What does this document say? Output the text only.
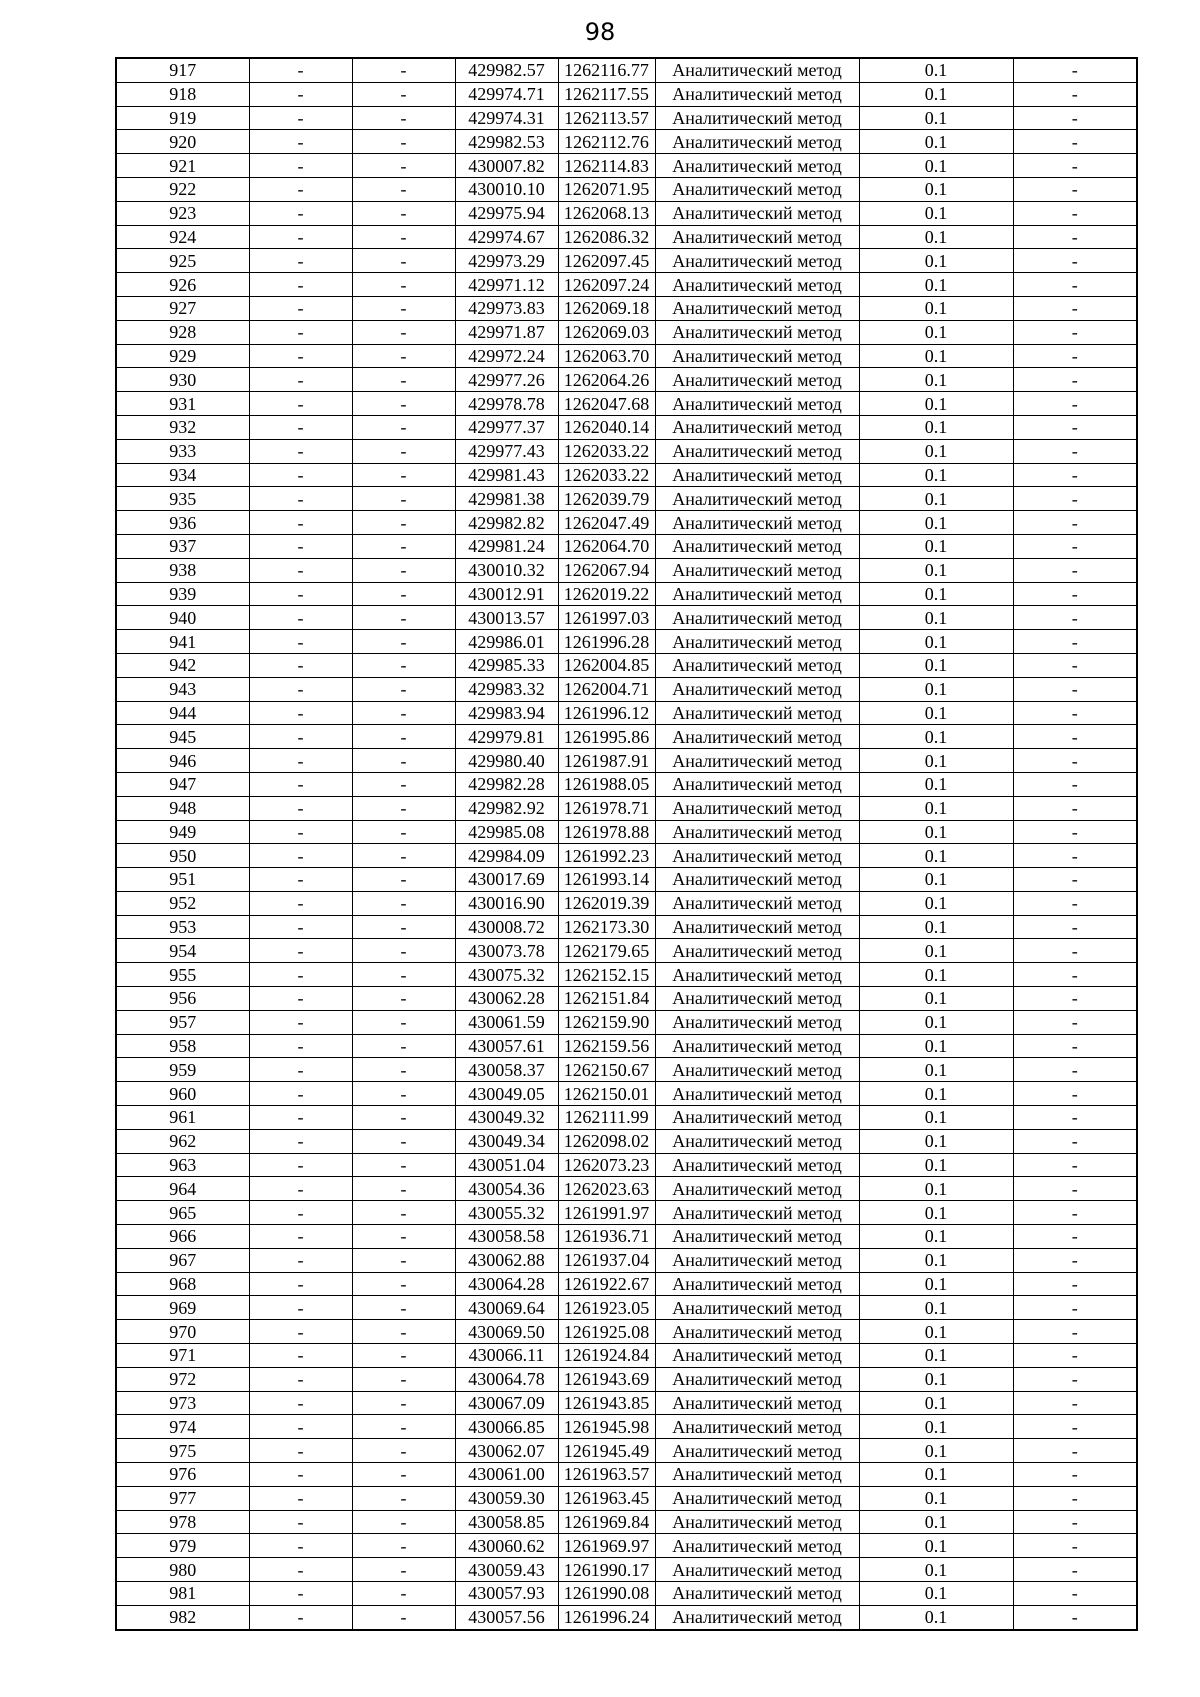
98
917	-	-	429982.57	1262116.77	Аналитический метод	0.1	-
918	-	-	429974.71	1262117.55	Аналитический метод	0.1	-
919	-	-	429974.31	1262113.57	Аналитический метод	0.1	-
920	-	-	429982.53	1262112.76	Аналитический метод	0.1	-
921	-	-	430007.82	1262114.83	Аналитический метод	0.1	-
922	-	-	430010.10	1262071.95	Аналитический метод	0.1	-
923	-	-	429975.94	1262068.13	Аналитический метод	0.1	-
924	-	-	429974.67	1262086.32	Аналитический метод	0.1	-
925	-	-	429973.29	1262097.45	Аналитический метод	0.1	-
926	-	-	429971.12	1262097.24	Аналитический метод	0.1	-
927	-	-	429973.83	1262069.18	Аналитический метод	0.1	-
928	-	-	429971.87	1262069.03	Аналитический метод	0.1	-
929	-	-	429972.24	1262063.70	Аналитический метод	0.1	-
930	-	-	429977.26	1262064.26	Аналитический метод	0.1	-
931	-	-	429978.78	1262047.68	Аналитический метод	0.1	-
932	-	-	429977.37	1262040.14	Аналитический метод	0.1	-
933	-	-	429977.43	1262033.22	Аналитический метод	0.1	-
934	-	-	429981.43	1262033.22	Аналитический метод	0.1	-
935	-	-	429981.38	1262039.79	Аналитический метод	0.1	-
936	-	-	429982.82	1262047.49	Аналитический метод	0.1	-
937	-	-	429981.24	1262064.70	Аналитический метод	0.1	-
938	-	-	430010.32	1262067.94	Аналитический метод	0.1	-
939	-	-	430012.91	1262019.22	Аналитический метод	0.1	-
940	-	-	430013.57	1261997.03	Аналитический метод	0.1	-
941	-	-	429986.01	1261996.28	Аналитический метод	0.1	-
942	-	-	429985.33	1262004.85	Аналитический метод	0.1	-
943	-	-	429983.32	1262004.71	Аналитический метод	0.1	-
944	-	-	429983.94	1261996.12	Аналитический метод	0.1	-
945	-	-	429979.81	1261995.86	Аналитический метод	0.1	-
946	-	-	429980.40	1261987.91	Аналитический метод	0.1	-
947	-	-	429982.28	1261988.05	Аналитический метод	0.1	-
948	-	-	429982.92	1261978.71	Аналитический метод	0.1	-
949	-	-	429985.08	1261978.88	Аналитический метод	0.1	-
950	-	-	429984.09	1261992.23	Аналитический метод	0.1	-
951	-	-	430017.69	1261993.14	Аналитический метод	0.1	-
952	-	-	430016.90	1262019.39	Аналитический метод	0.1	-
953	-	-	430008.72	1262173.30	Аналитический метод	0.1	-
954	-	-	430073.78	1262179.65	Аналитический метод	0.1	-
955	-	-	430075.32	1262152.15	Аналитический метод	0.1	-
956	-	-	430062.28	1262151.84	Аналитический метод	0.1	-
957	-	-	430061.59	1262159.90	Аналитический метод	0.1	-
958	-	-	430057.61	1262159.56	Аналитический метод	0.1	-
959	-	-	430058.37	1262150.67	Аналитический метод	0.1	-
960	-	-	430049.05	1262150.01	Аналитический метод	0.1	-
961	-	-	430049.32	1262111.99	Аналитический метод	0.1	-
962	-	-	430049.34	1262098.02	Аналитический метод	0.1	-
963	-	-	430051.04	1262073.23	Аналитический метод	0.1	-
964	-	-	430054.36	1262023.63	Аналитический метод	0.1	-
965	-	-	430055.32	1261991.97	Аналитический метод	0.1	-
966	-	-	430058.58	1261936.71	Аналитический метод	0.1	-
967	-	-	430062.88	1261937.04	Аналитический метод	0.1	-
968	-	-	430064.28	1261922.67	Аналитический метод	0.1	-
969	-	-	430069.64	1261923.05	Аналитический метод	0.1	-
970	-	-	430069.50	1261925.08	Аналитический метод	0.1	-
971	-	-	430066.11	1261924.84	Аналитический метод	0.1	-
972	-	-	430064.78	1261943.69	Аналитический метод	0.1	-
973	-	-	430067.09	1261943.85	Аналитический метод	0.1	-
974	-	-	430066.85	1261945.98	Аналитический метод	0.1	-
975	-	-	430062.07	1261945.49	Аналитический метод	0.1	-
976	-	-	430061.00	1261963.57	Аналитический метод	0.1	-
977	-	-	430059.30	1261963.45	Аналитический метод	0.1	-
978	-	-	430058.85	1261969.84	Аналитический метод	0.1	-
979	-	-	430060.62	1261969.97	Аналитический метод	0.1	-
980	-	-	430059.43	1261990.17	Аналитический метод	0.1	-
981	-	-	430057.93	1261990.08	Аналитический метод	0.1	-
982	-	-	430057.56	1261996.24	Аналитический метод	0.1	-
